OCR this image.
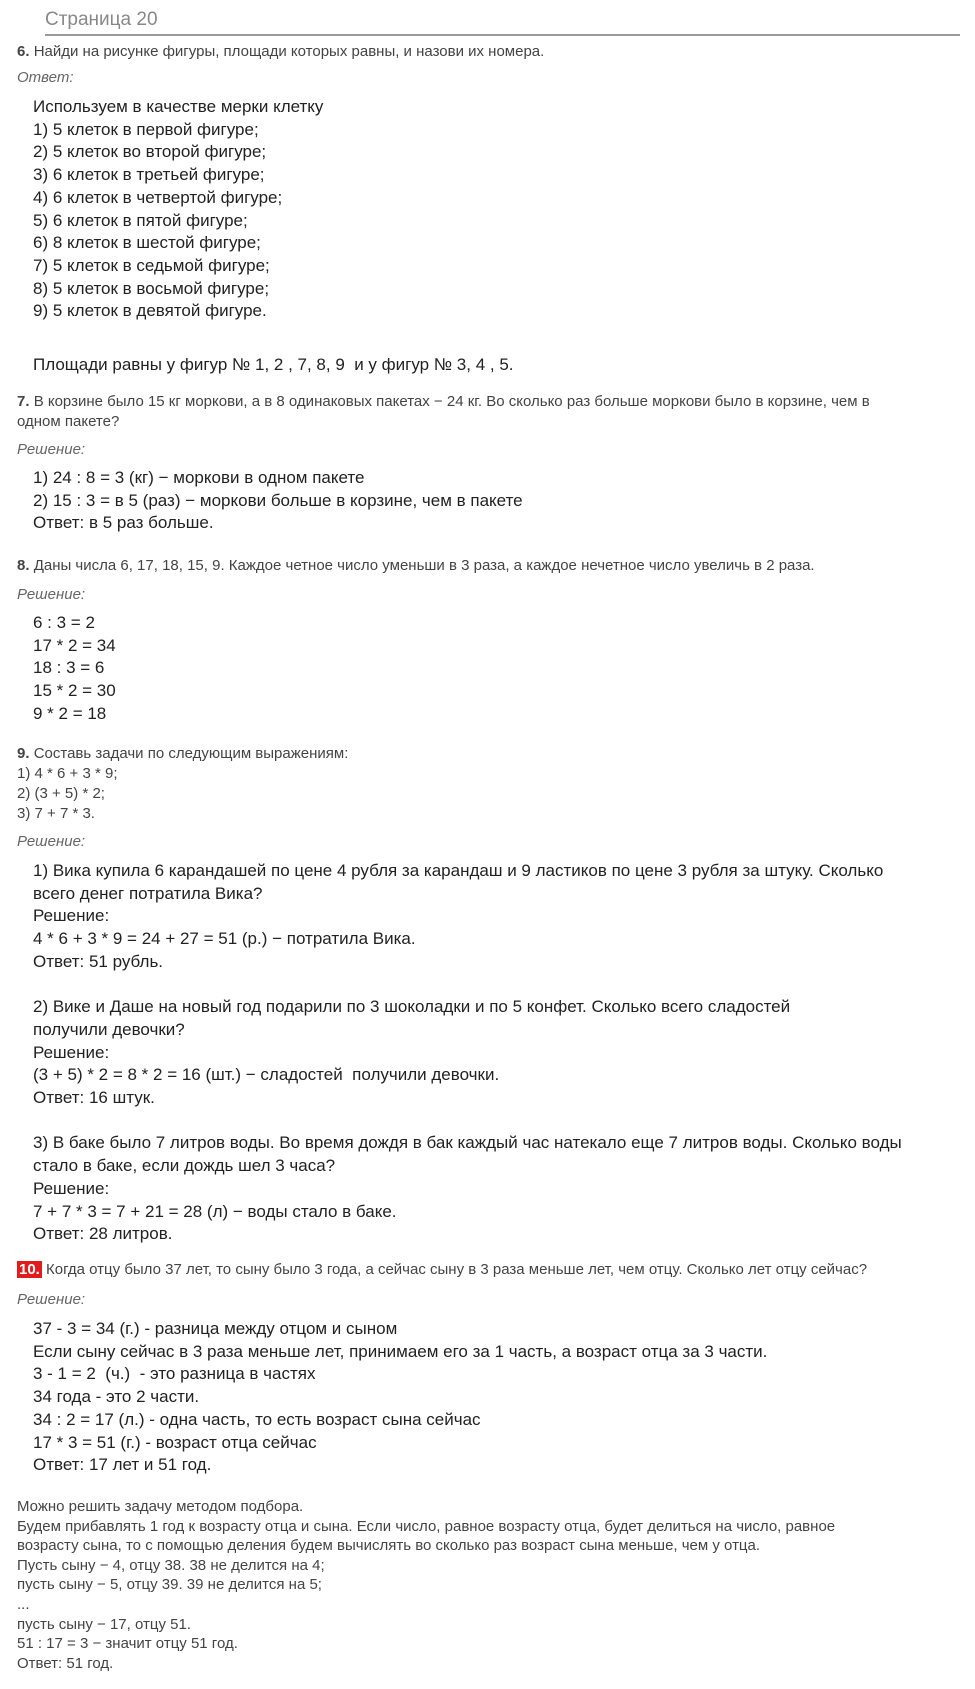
Страница 20
6. Найди на рисунке фигуры, площади которых равны, и назови их номера.
Ответ:
Используем в качестве мерки клетку
1) 5 клеток в первой фигуре;
2) 5 клеток во второй фигуре;
3) 6 клеток в третьей фигуре;
4) 6 клеток в четвертой фигуре;
5) 6 клеток в пятой фигуре;
6) 8 клеток в шестой фигуре;
7) 5 клеток в седьмой фигуре;
8) 5 клеток в восьмой фигуре;
9) 5 клеток в девятой фигуре.
Площади равны у фигур № 1, 2 , 7, 8, 9  и у фигур № 3, 4 , 5.
7. В корзине было 15 кг моркови, а в 8 одинаковых пакетах − 24 кг. Во сколько раз больше моркови было в корзине, чем в
одном пакете?
Решение:
1) 24 : 8 = 3 (кг) − моркови в одном пакете
2) 15 : 3 = в 5 (раз) − моркови больше в корзине, чем в пакете
Ответ: в 5 раз больше.
8. Даны числа 6, 17, 18, 15, 9. Каждое четное число уменьши в 3 раза, а каждое нечетное число увеличь в 2 раза.
Решение:
6 : 3 = 2
17 * 2 = 34
18 : 3 = 6
15 * 2 = 30
9 * 2 = 18
9. Составь задачи по следующим выражениям:
1) 4 * 6 + 3 * 9;
2) (3 + 5) * 2;
3) 7 + 7 * 3.
Решение:
1) Вика купила 6 карандашей по цене 4 рубля за карандаш и 9 ластиков по цене 3 рубля за штуку. Сколько
всего денег потратила Вика?
Решение:
4 * 6 + 3 * 9 = 24 + 27 = 51 (р.) − потратила Вика.
Ответ: 51 рубль.

2) Вике и Даше на новый год подарили по 3 шоколадки и по 5 конфет. Сколько всего сладостей
получили девочки?
Решение:
(3 + 5) * 2 = 8 * 2 = 16 (шт.) − сладостей  получили девочки.
Ответ: 16 штук.

3) В баке было 7 литров воды. Во время дождя в бак каждый час натекало еще 7 литров воды. Сколько воды
стало в баке, если дождь шел 3 часа?
Решение:
7 + 7 * 3 = 7 + 21 = 28 (л) − воды стало в баке.
Ответ: 28 литров.
10. Когда отцу было 37 лет, то сыну было 3 года, а сейчас сыну в 3 раза меньше лет, чем отцу. Сколько лет отцу сейчас?
Решение:
37 - 3 = 34 (г.) - разница между отцом и сыном
Если сыну сейчас в 3 раза меньше лет, принимаем его за 1 часть, а возраст отца за 3 части.
3 - 1 = 2  (ч.)  - это разница в частях
34 года - это 2 части.
34 : 2 = 17 (л.) - одна часть, то есть возраст сына сейчас
17 * 3 = 51 (г.) - возраст отца сейчас
Ответ: 17 лет и 51 год.
Можно решить задачу методом подбора.
Будем прибавлять 1 год к возрасту отца и сына. Если число, равное возрасту отца, будет делиться на число, равное
возрасту сына, то с помощью деления будем вычислять во сколько раз возраст сына меньше, чем у отца.
Пусть сыну − 4, отцу 38. 38 не делится на 4;
пусть сыну − 5, отцу 39. 39 не делится на 5;
...
пусть сыну − 17, отцу 51.
51 : 17 = 3 − значит отцу 51 год.
Ответ: 51 год.
